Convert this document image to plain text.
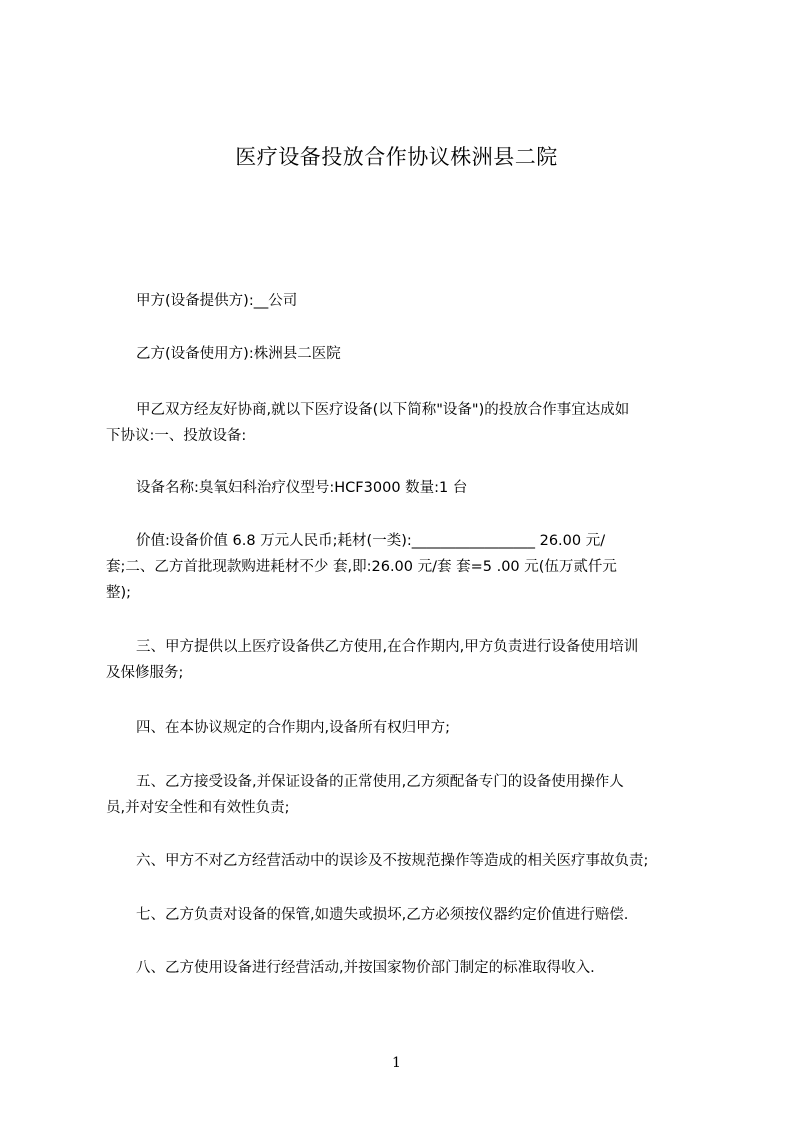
医疗设备投放合作协议株洲县二院
甲方(设备提供方):__公司
乙方(设备使用方):株洲县二医院
甲乙双方经友好协商,就以下医疗设备(以下简称"设备")的投放合作事宜达成如
下协议:一、投放设备:
设备名称:臭氧妇科治疗仪型号:HCF3000 数量:1 台
价值:设备价值 6.8 万元人民币;耗材(一类):_________________ 26.00 元/
套;二、乙方首批现款购进耗材不少 套,即:26.00 元/套 套=5 .00 元(伍万贰仟元
整);
三、甲方提供以上医疗设备供乙方使用,在合作期内,甲方负责进行设备使用培训
及保修服务;
四、在本协议规定的合作期内,设备所有权归甲方;
五、乙方接受设备,并保证设备的正常使用,乙方须配备专门的设备使用操作人
员,并对安全性和有效性负责;
六、甲方不对乙方经营活动中的误诊及不按规范操作等造成的相关医疗事故负责;
七、乙方负责对设备的保管,如遗失或损坏,乙方必须按仪器约定价值进行赔偿.
八、乙方使用设备进行经营活动,并按国家物价部门制定的标准取得收入.
1
